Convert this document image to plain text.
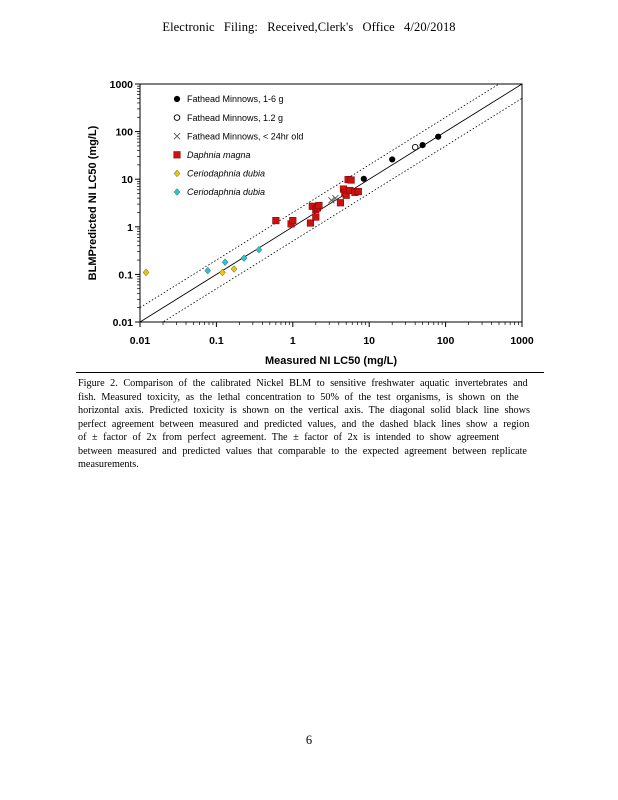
Electronic Filing: Received,Clerk's Office 4/20/2018
0.01	0.1	1	10	100	1000
0.01
0.1
1
10
100
1000
Fathead Minnows, 1-6 g
Fathead Minnows, 1.2 g
Fathead Minnows, < 24hr old
Daphnia magna
Ceriodaphnia dubia
Ceriodaphnia dubia
Measured NI LC50 (mg/L)
BLMPredicted NI LC50 (mg/L)

Figure 2. Comparison of the calibrated Nickel BLM to sensitive freshwater aquatic invertebrates and fish. Measured toxicity, as the lethal concentration to 50% of the test organisms, is shown on the horizontal axis. Predicted toxicity is shown on the vertical axis. The diagonal solid black line shows perfect agreement between measured and predicted values, and the dashed black lines show a region of ± factor of 2x from perfect agreement. The ± factor of 2x is intended to show agreement between measured and predicted values that comparable to the expected agreement between replicate measurements.

6
